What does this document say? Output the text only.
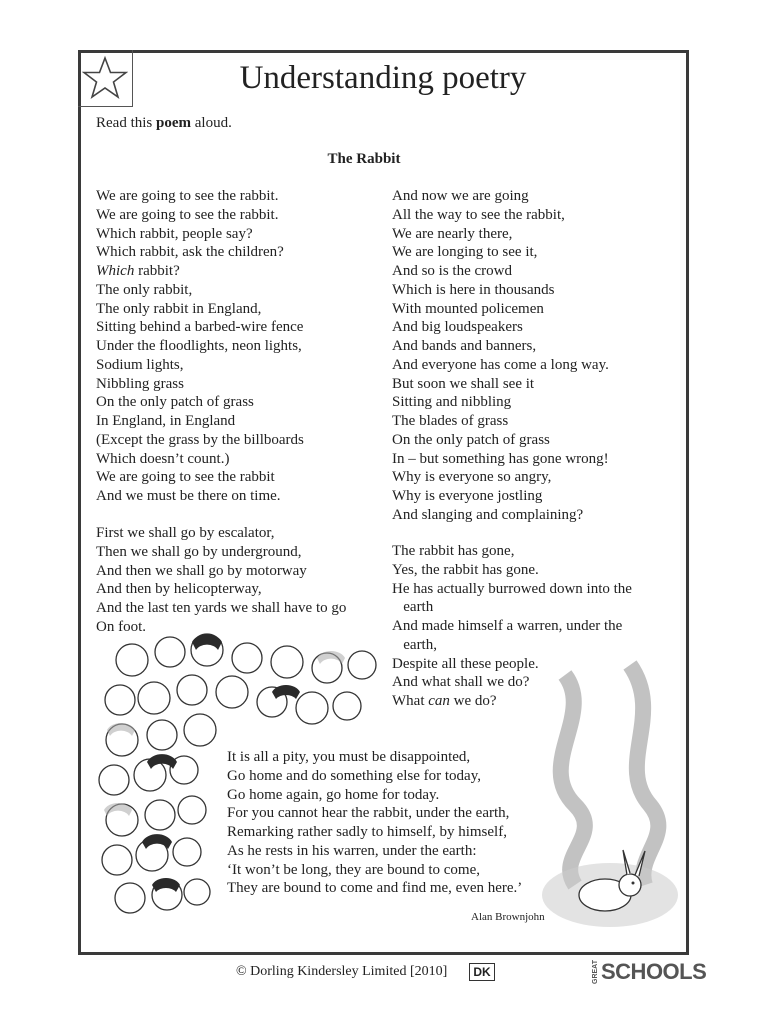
Understanding poetry
Read this poem aloud.
The Rabbit
We are going to see the rabbit.
We are going to see the rabbit.
Which rabbit, people say?
Which rabbit, ask the children?
Which rabbit?
The only rabbit,
The only rabbit in England,
Sitting behind a barbed-wire fence
Under the floodlights, neon lights,
Sodium lights,
Nibbling grass
On the only patch of grass
In England, in England
(Except the grass by the billboards
Which doesn’t count.)
We are going to see the rabbit
And we must be there on time.
First we shall go by escalator,
Then we shall go by underground,
And then we shall go by motorway
And then by helicopterway,
And the last ten yards we shall have to go
On foot.
And now we are going
All the way to see the rabbit,
We are nearly there,
We are longing to see it,
And so is the crowd
Which is here in thousands
With mounted policemen
And big loudspeakers
And bands and banners,
And everyone has come a long way.
But soon we shall see it
Sitting and nibbling
The blades of grass
On the only patch of grass
In – but something has gone wrong!
Why is everyone so angry,
Why is everyone jostling
And slanging and complaining?
The rabbit has gone,
Yes, the rabbit has gone.
He has actually burrowed down into the
earth
And made himself a warren, under the
earth,
Despite all these people.
And what shall we do?
What can we do?
It is all a pity, you must be disappointed,
Go home and do something else for today,
Go home again, go home for today.
For you cannot hear the rabbit, under the earth,
Remarking rather sadly to himself, by himself,
As he rests in his warren, under the earth:
‘It won’t be long, they are bound to come,
They are bound to come and find me, even here.’
Alan Brownjohn
© Dorling Kindersley Limited [2010]	DK	GREAT SCHOOLS
